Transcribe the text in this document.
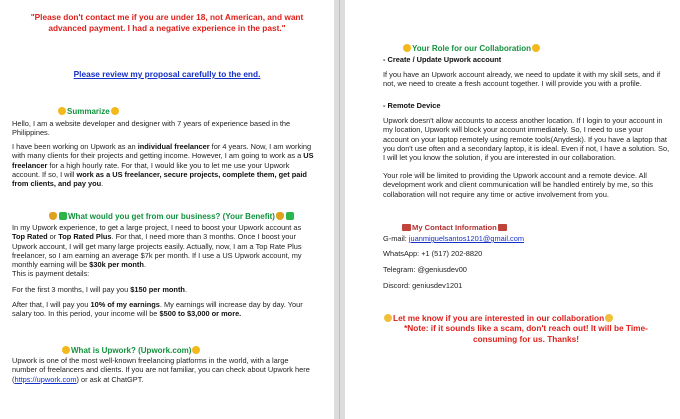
"Please don't contact me if you are under 18, not American, and want advanced payment. I had a negative experience in the past."

Please review my proposal carefully to the end.

Summarize

Hello, I am a website developer and designer with 7 years of experience based in the Philippines.

I have been working on Upwork as an individual freelancer for 4 years. Now, I am working with many clients for their projects and getting income. However, I am going to work as a US freelancer for a high hourly rate. For that, I would like you to let me use your Upwork account. If so, I will work as a US freelancer, secure projects, complete them, get paid from clients, and pay you.

What would you get from our business? (Your Benefit)

In my Upwork experience, to get a large project, I need to boost your Upwork account as Top Rated or Top Rated Plus. For that, I need more than 3 months. Once I boost your Upwork account, I will get many large projects easily. Actually, now, I am a Top Rate Plus freelancer, so I am earning an average $7k per month. If I use a US Upwork account, my monthly earning will be $30k per month.

This is payment details:

For the first 3 months, I will pay you $150 per month.

After that, I will pay you 10% of my earnings. My earnings will increase day by day. Your salary too. In this period, your income will be $500 to $3,000 or more.

What is Upwork? (Upwork.com)

Upwork is one of the most well-known freelancing platforms in the world, with a large number of freelancers and clients. If you are not familiar, you can check about Upwork here (https://upwork.com) or ask at ChatGPT.

Your Role for our Collaboration

- Create / Update Upwork account

If you have an Upwork account already, we need to update it with my skill sets, and if not, we need to create a fresh account together. I will provide you with a profile.

- Remote Device

Upwork doesn't allow accounts to access another location. If I login to your account in my location, Upwork will block your account immediately. So, I need to use your account on your laptop remotely using remote tools(Anydesk). If you have a laptop that you don't use often and a secondary laptop, it is ideal. Even if not, I have a solution. So, I will let you know the solution, if you are interested in our collaboration.

Your role will be limited to providing the Upwork account and a remote device. All development work and client communication will be handled entirely by me, so this collaboration will not require any time or active involvement from you.

My Contact Information

G-mail: juanmiguelsantos1201@gmail.com

WhatsApp: +1 (517) 202-8820

Telegram: @geniusdev00

Discord: geniusdev1201

Let me know if you are interested in our collaboration

*Note: if it sounds like a scam, don't reach out! It will be Time-consuming for us. Thanks!
